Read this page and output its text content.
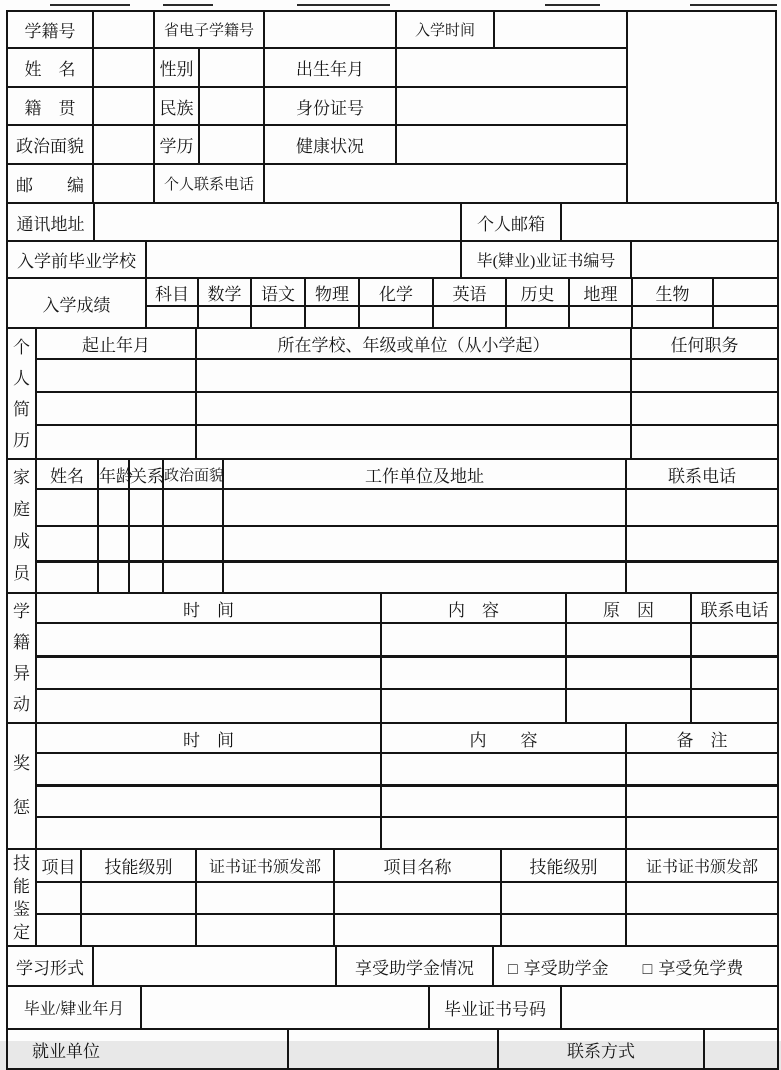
学籍号		省电子学籍号			入学时间	
姓　名		性别		出生年月		
籍　贯		民族		身份证号		
政治面貌		学历		健康状况		
邮　　编		个人联系电话				
通讯地址		个人邮箱	
入学前毕业学校		毕(肄业)业证书编号	
入学成绩	科目	数学	语文	物理	化学	英语	历史	地理	生物	

个人简历	起止年月	所在学校、年级或单位（从小学起）	任何职务

家庭成员	姓名	年龄	关系	政治面貌	工作单位及地址	联系电话

学籍异动	时　间	内　容	原　因	联系电话

奖惩	时　间	内　　容	备　注

技能鉴定	项目	技能级别	证书证书颁发部	项目名称	技能级别	证书证书颁发部

学习形式		享受助学金情况	□ 享受助学金 □ 享受免学费
毕业/肄业年月		毕业证书号码	
就业单位		联系方式	
